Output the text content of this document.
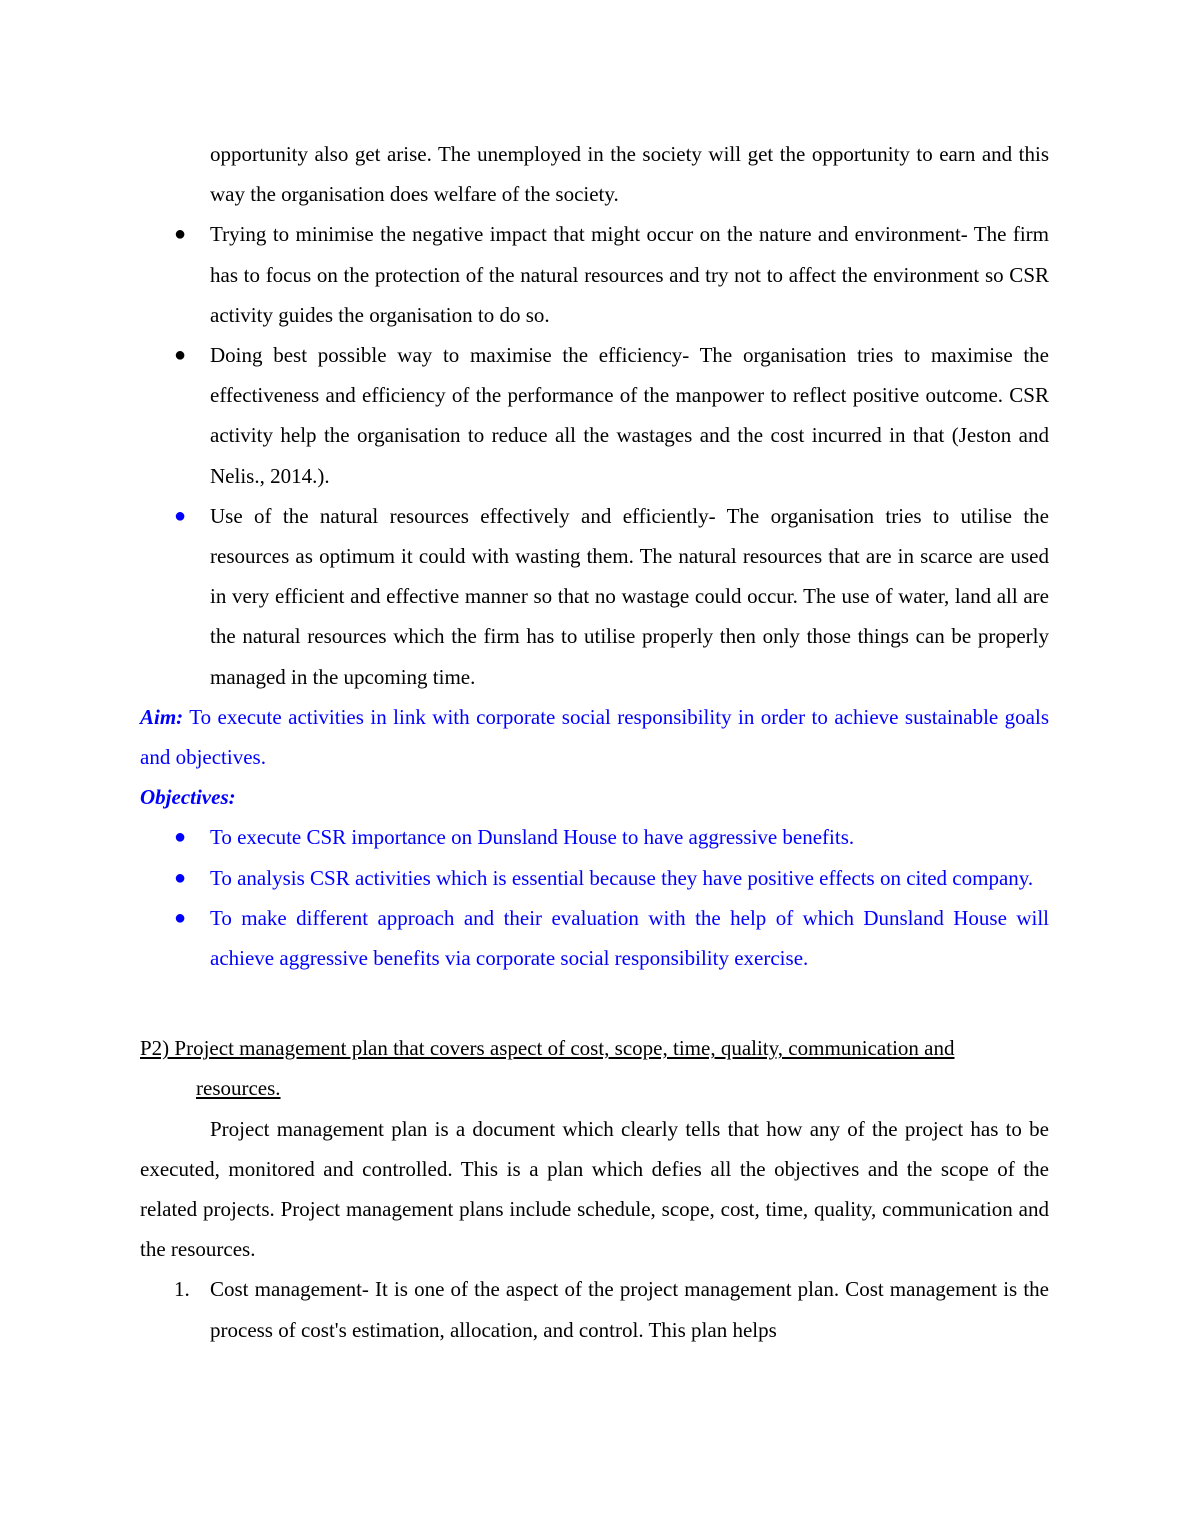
opportunity also get arise. The unemployed in the society will get the opportunity to earn and this way the organisation does welfare of the society.

●	Trying to minimise the negative impact that might occur on the nature and environment- The firm has to focus on the protection of the natural resources and try not to affect the environment so CSR activity guides the organisation to do so.

●	Doing best possible way to maximise the efficiency- The organisation tries to maximise the effectiveness and efficiency of the performance of the manpower to reflect positive outcome. CSR activity help the organisation to reduce all the wastages and the cost incurred in that (Jeston and Nelis., 2014.).

●	Use of the natural resources effectively and efficiently- The organisation tries to utilise the resources as optimum it could with wasting them. The natural resources that are in scarce are used in very efficient and effective manner so that no wastage could occur. The use of water, land all are the natural resources which the firm has to utilise properly then only those things can be properly managed in the upcoming time.

Aim: To execute activities in link with corporate social responsibility in order to achieve sustainable goals and objectives.

Objectives:

●	To execute CSR importance on Dunsland House to have aggressive benefits.

●	To analysis CSR activities which is essential because they have positive effects on cited company.

●	To make different approach and their evaluation with the help of which Dunsland House will achieve aggressive benefits via corporate social responsibility exercise.

P2) Project management plan that covers aspect of cost, scope, time, quality, communication and

resources.

Project management plan is a document which clearly tells that how any of the project has to be executed, monitored and controlled. This is a plan which defies all the objectives and the scope of the related projects. Project management plans include schedule, scope, cost, time, quality, communication and the resources.

1. Cost management- It is one of the aspect of the project management plan. Cost management is the process of cost's estimation, allocation, and control. This plan helps
